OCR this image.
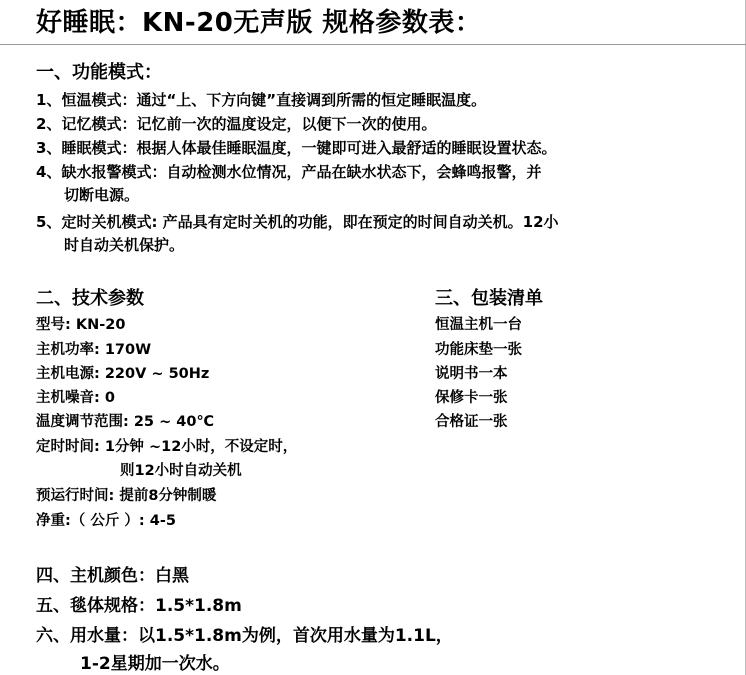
好睡眠：KN-20无声版 规格参数表：
一、功能模式：
1、恒温模式：通过“上、下方向键”直接调到所需的恒定睡眠温度。
2、记忆模式：记忆前一次的温度设定，以便下一次的使用。
3、睡眠模式：根据人体最佳睡眠温度，一键即可进入最舒适的睡眠设置状态。
4、缺水报警模式：自动检测水位情况，产品在缺水状态下，会蜂鸣报警，并
切断电源。
5、定时关机模式: 产品具有定时关机的功能，即在预定的时间自动关机。12小
时自动关机保护。
二、技术参数
型号: KN-20
主机功率: 170W
主机电源: 220V ~ 50Hz
主机噪音: 0
温度调节范围: 25 ~ 40℃
定时时间: 1分钟 ~12小时，不设定时，
则12小时自动关机
预运行时间: 提前8分钟制暖
净重:（ 公斤 ）: 4-5
三、包装清单
恒温主机一台
功能床垫一张
说明书一本
保修卡一张
合格证一张
四、主机颜色：白黑
五、毯体规格：1.5*1.8m
六、用水量：以1.5*1.8m为例，首次用水量为1.1L，
1-2星期加一次水。
